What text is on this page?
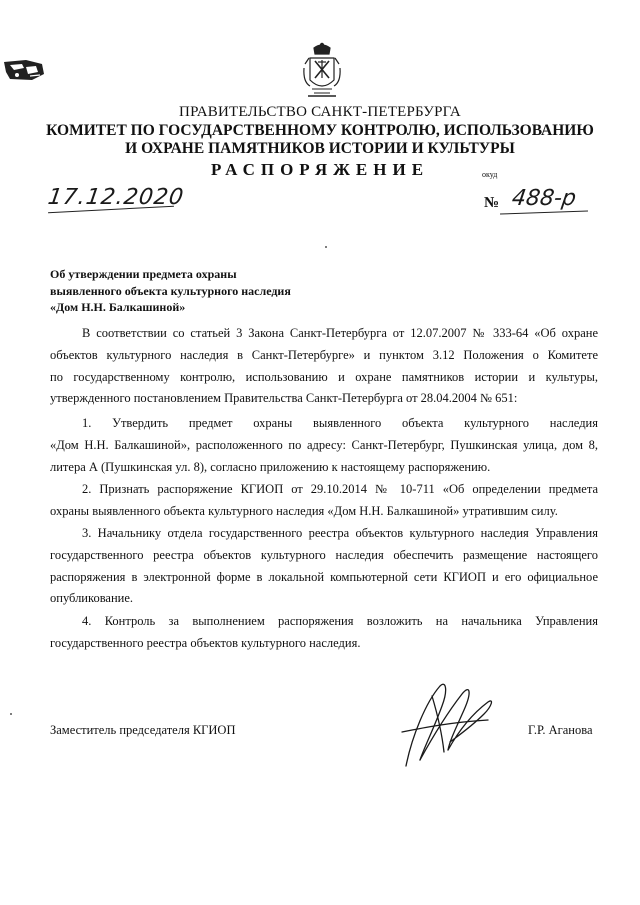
ПРАВИТЕЛЬСТВО САНКТ-ПЕТЕРБУРГА
КОМИТЕТ ПО ГОСУДАРСТВЕННОМУ КОНТРОЛЮ, ИСПОЛЬЗОВАНИЮ
И ОХРАНЕ ПАМЯТНИКОВ ИСТОРИИ И КУЛЬТУРЫ
РАСПОРЯЖЕНИЕ	окуд
17.12.2020	№ 488-р
Об утверждении предмета охраны
выявленного объекта культурного наследия
«Дом Н.Н. Балкашиной»
В соответствии со статьей 3 Закона Санкт-Петербурга от 12.07.2007 № 333-64 «Об охране
объектов культурного наследия в Санкт-Петербурге» и пунктом 3.12 Положения о Комитете
по государственному контролю, использованию и охране памятников истории и культуры,
утвержденного постановлением Правительства Санкт-Петербурга от 28.04.2004 № 651:
1. Утвердить предмет охраны выявленного объекта культурного наследия
«Дом Н.Н. Балкашиной», расположенного по адресу: Санкт-Петербург, Пушкинская улица, дом 8,
литера А (Пушкинская ул. 8), согласно приложению к настоящему распоряжению.
2. Признать распоряжение КГИОП от 29.10.2014 № 10-711 «Об определении предмета
охраны выявленного объекта культурного наследия «Дом Н.Н. Балкашиной» утратившим силу.
3. Начальнику отдела государственного реестра объектов культурного наследия Управления
государственного реестра объектов культурного наследия обеспечить размещение настоящего
распоряжения в электронной форме в локальной компьютерной сети КГИОП и его официальное
опубликование.
4. Контроль за выполнением распоряжения возложить на начальника Управления
государственного реестра объектов культурного наследия.
Заместитель председателя КГИОП	Г.Р. Аганова
